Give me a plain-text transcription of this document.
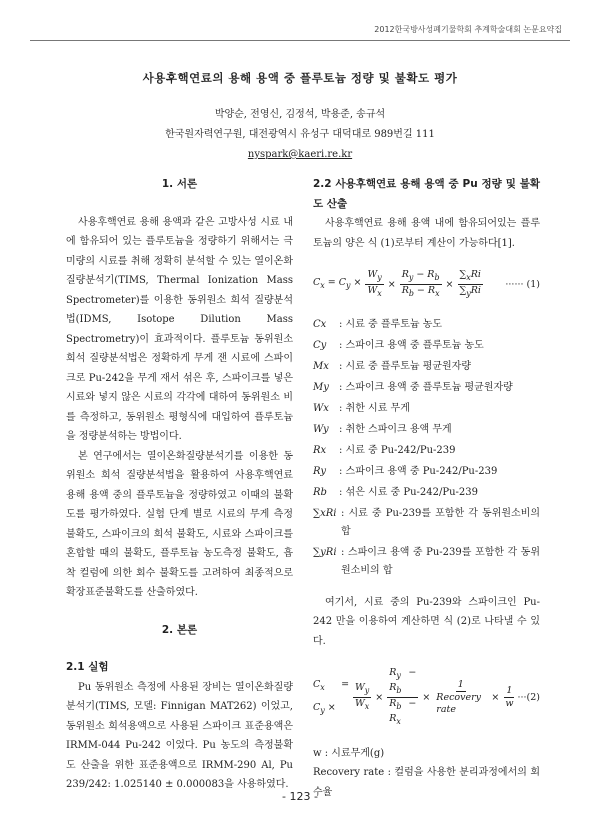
2012한국방사성폐기물학회 추계학술대회 논문요약집
사용후핵연료의 용해 용액 중 플루토늄 정량 및 불확도 평가
박양순, 전영신, 김정석, 박용준, 송규석
한국원자력연구원, 대전광역시 유성구 대덕대로 989번길 111
nyspark@kaeri.re.kr
1. 서론

사용후핵연료 용해 용액과 같은 고방사성 시료 내에 함유되어 있는 플루토늄을 정량하기 위해서는 극미량의 시료를 취해 정확히 분석할 수 있는 열이온화질량분석기(TIMS, Thermal Ionization Mass Spectrometer)를 이용한 동위원소 희석 질량분석법(IDMS, Isotope Dilution Mass Spectrometry)이 효과적이다. 플루토늄 동위원소 희석 질량분석법은 정확하게 무게 잰 시료에 스파이크로 Pu-242을 무게 재서 섞은 후, 스파이크를 넣은 시료와 넣지 않은 시료의 각각에 대하여 동위원소 비를 측정하고, 동위원소 평형식에 대입하여 플루토늄을 정량분석하는 방법이다.

본 연구에서는 열이온화질량분석기를 이용한 동위원소 희석 질량분석법을 활용하여 사용후핵연료 용해 용액 중의 플루토늄을 정량하였고 이때의 불확도를 평가하였다. 실험 단계 별로 시료의 무게 측정 불확도, 스파이크의 희석 불확도, 시료와 스파이크를 혼합할 때의 불확도, 플루토늄 농도측정 불확도, 흡착 컬럼에 의한 회수 불확도를 고려하여 최종적으로 확장표준불확도를 산출하였다.

2. 본론
2.1 실험

Pu 동위원소 측정에 사용된 장비는 열이온화질량분석기(TIMS, 모델: Finnigan MAT262) 이었고, 동위원소 희석용액으로 사용된 스파이크 표준용액은 IRMM-044 Pu-242 이었다. Pu 농도의 측정불확도 산출을 위한 표준용액으로 IRMM-290 Al, Pu 239/242: 1.025140 ± 0.000083을 사용하였다.

2.2 사용후핵연료 용해 용액 중 Pu 정량 및 불확도 산출

사용후핵연료 용해 용액 내에 함유되어있는 플루토늄의 양은 식 (1)로부터 계산이 가능하다[1].

$C_x = C_y \times \frac{W_y}{W_x} \times \frac{R_y - R_b}{R_b - R_x} \times \frac{\sum_xRi}{\sum_yRi}$ ······ (1)
Cx	: 시료 중 플루토늄 농도
Cy	: 스파이크 용액 중 플루토늄 농도
Mx	: 시료 중 플루토늄 평균원자량
My	: 스파이크 용액 중 플루토늄 평균원자량
Wx	: 취한 시료 무게
Wy	: 취한 스파이크 용액 무게
Rx	: 시료 중 Pu-242/Pu-239
Ry	: 스파이크 용액 중 Pu-242/Pu-239
Rb	: 섞은 시료 중 Pu-242/Pu-239
∑xRi : 시료 중 Pu-239를 포함한 각 동위원소비의 합
∑yRi : 스파이크 용액 중 Pu-239를 포함한 각 동위원소비의 합

여기서, 시료 중의 Pu-239와 스파이크인 Pu-242 만을 이용하여 계산하면 식 (2)로 나타낼 수 있다.

$C_x = C_y$ ×	$\frac{W_y}{W_x} \times \frac{R_y - R_b}{R_b - R_x} \times \frac{1}{\text{Recovery rate}} \times \frac{1}{w} \cdot\cdot\cdot(2)$

w : 시료무게(g)

Recovery rate : 컬럼을 사용한 분리과정에서의 회수율

- 123 -
